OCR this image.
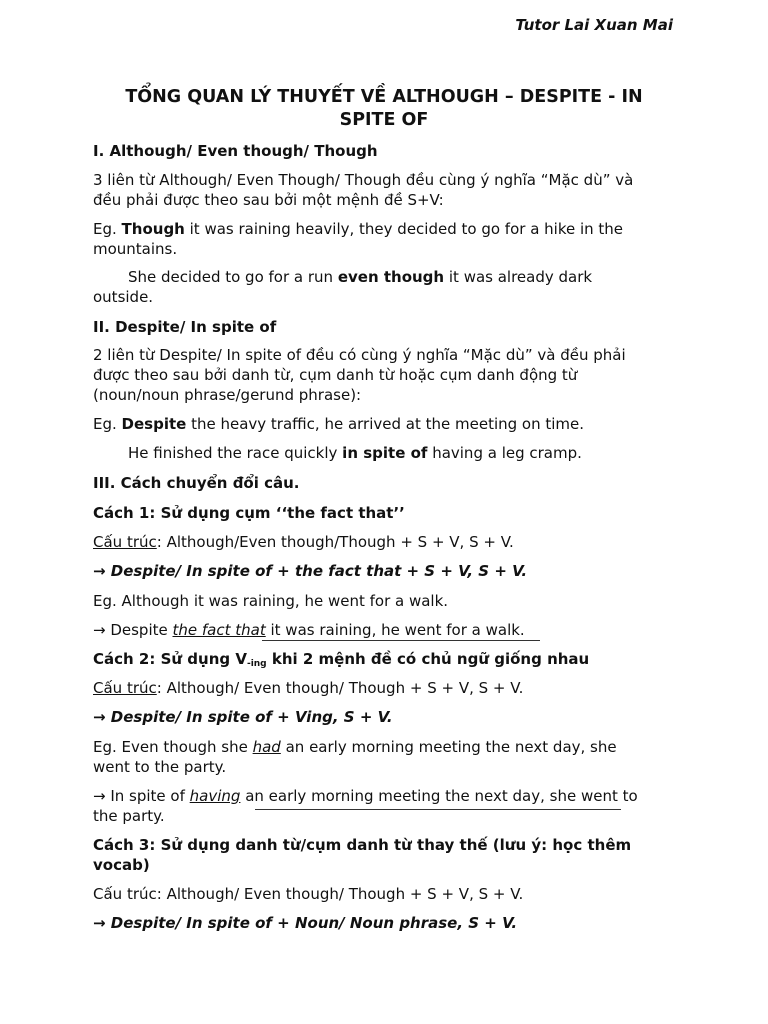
Tutor Lai Xuan Mai
TỔNG QUAN LÝ THUYẾT VỀ ALTHOUGH – DESPITE - IN
SPITE OF
I. Although/ Even though/ Though
3 liên từ Although/ Even Though/ Though đều cùng ý nghĩa “Mặc dù” và
đều phải được theo sau bởi một mệnh đề S+V:
Eg. Though it was raining heavily, they decided to go for a hike in the
mountains.
She decided to go for a run even though it was already dark
outside.
II. Despite/ In spite of
2 liên từ Despite/ In spite of đều có cùng ý nghĩa “Mặc dù” và đều phải
được theo sau bởi danh từ, cụm danh từ hoặc cụm danh động từ
(noun/noun phrase/gerund phrase):
Eg. Despite the heavy traffic, he arrived at the meeting on time.
He finished the race quickly in spite of having a leg cramp.
III. Cách chuyển đổi câu.
Cách 1: Sử dụng cụm ‘‘the fact that’’
Cấu trúc: Although/Even though/Though + S + V, S + V.
→ Despite/ In spite of + the fact that + S + V, S + V.
Eg. Although it was raining, he went for a walk.
→ Despite the fact that it was raining, he went for a walk.
Cách 2: Sử dụng $V_{-ing}$ khi 2 mệnh đề có chủ ngữ giống nhau
Cấu trúc: Although/ Even though/ Though + S + V, S + V.
→ Despite/ In spite of + Ving, S + V.
Eg. Even though she had an early morning meeting the next day, she
went to the party.
→ In spite of having an early morning meeting the next day, she went to
the party.
Cách 3: Sử dụng danh từ/cụm danh từ thay thế (lưu ý: học thêm
vocab)
Cấu trúc: Although/ Even though/ Though + S + V, S + V.
→ Despite/ In spite of + Noun/ Noun phrase, S + V.
